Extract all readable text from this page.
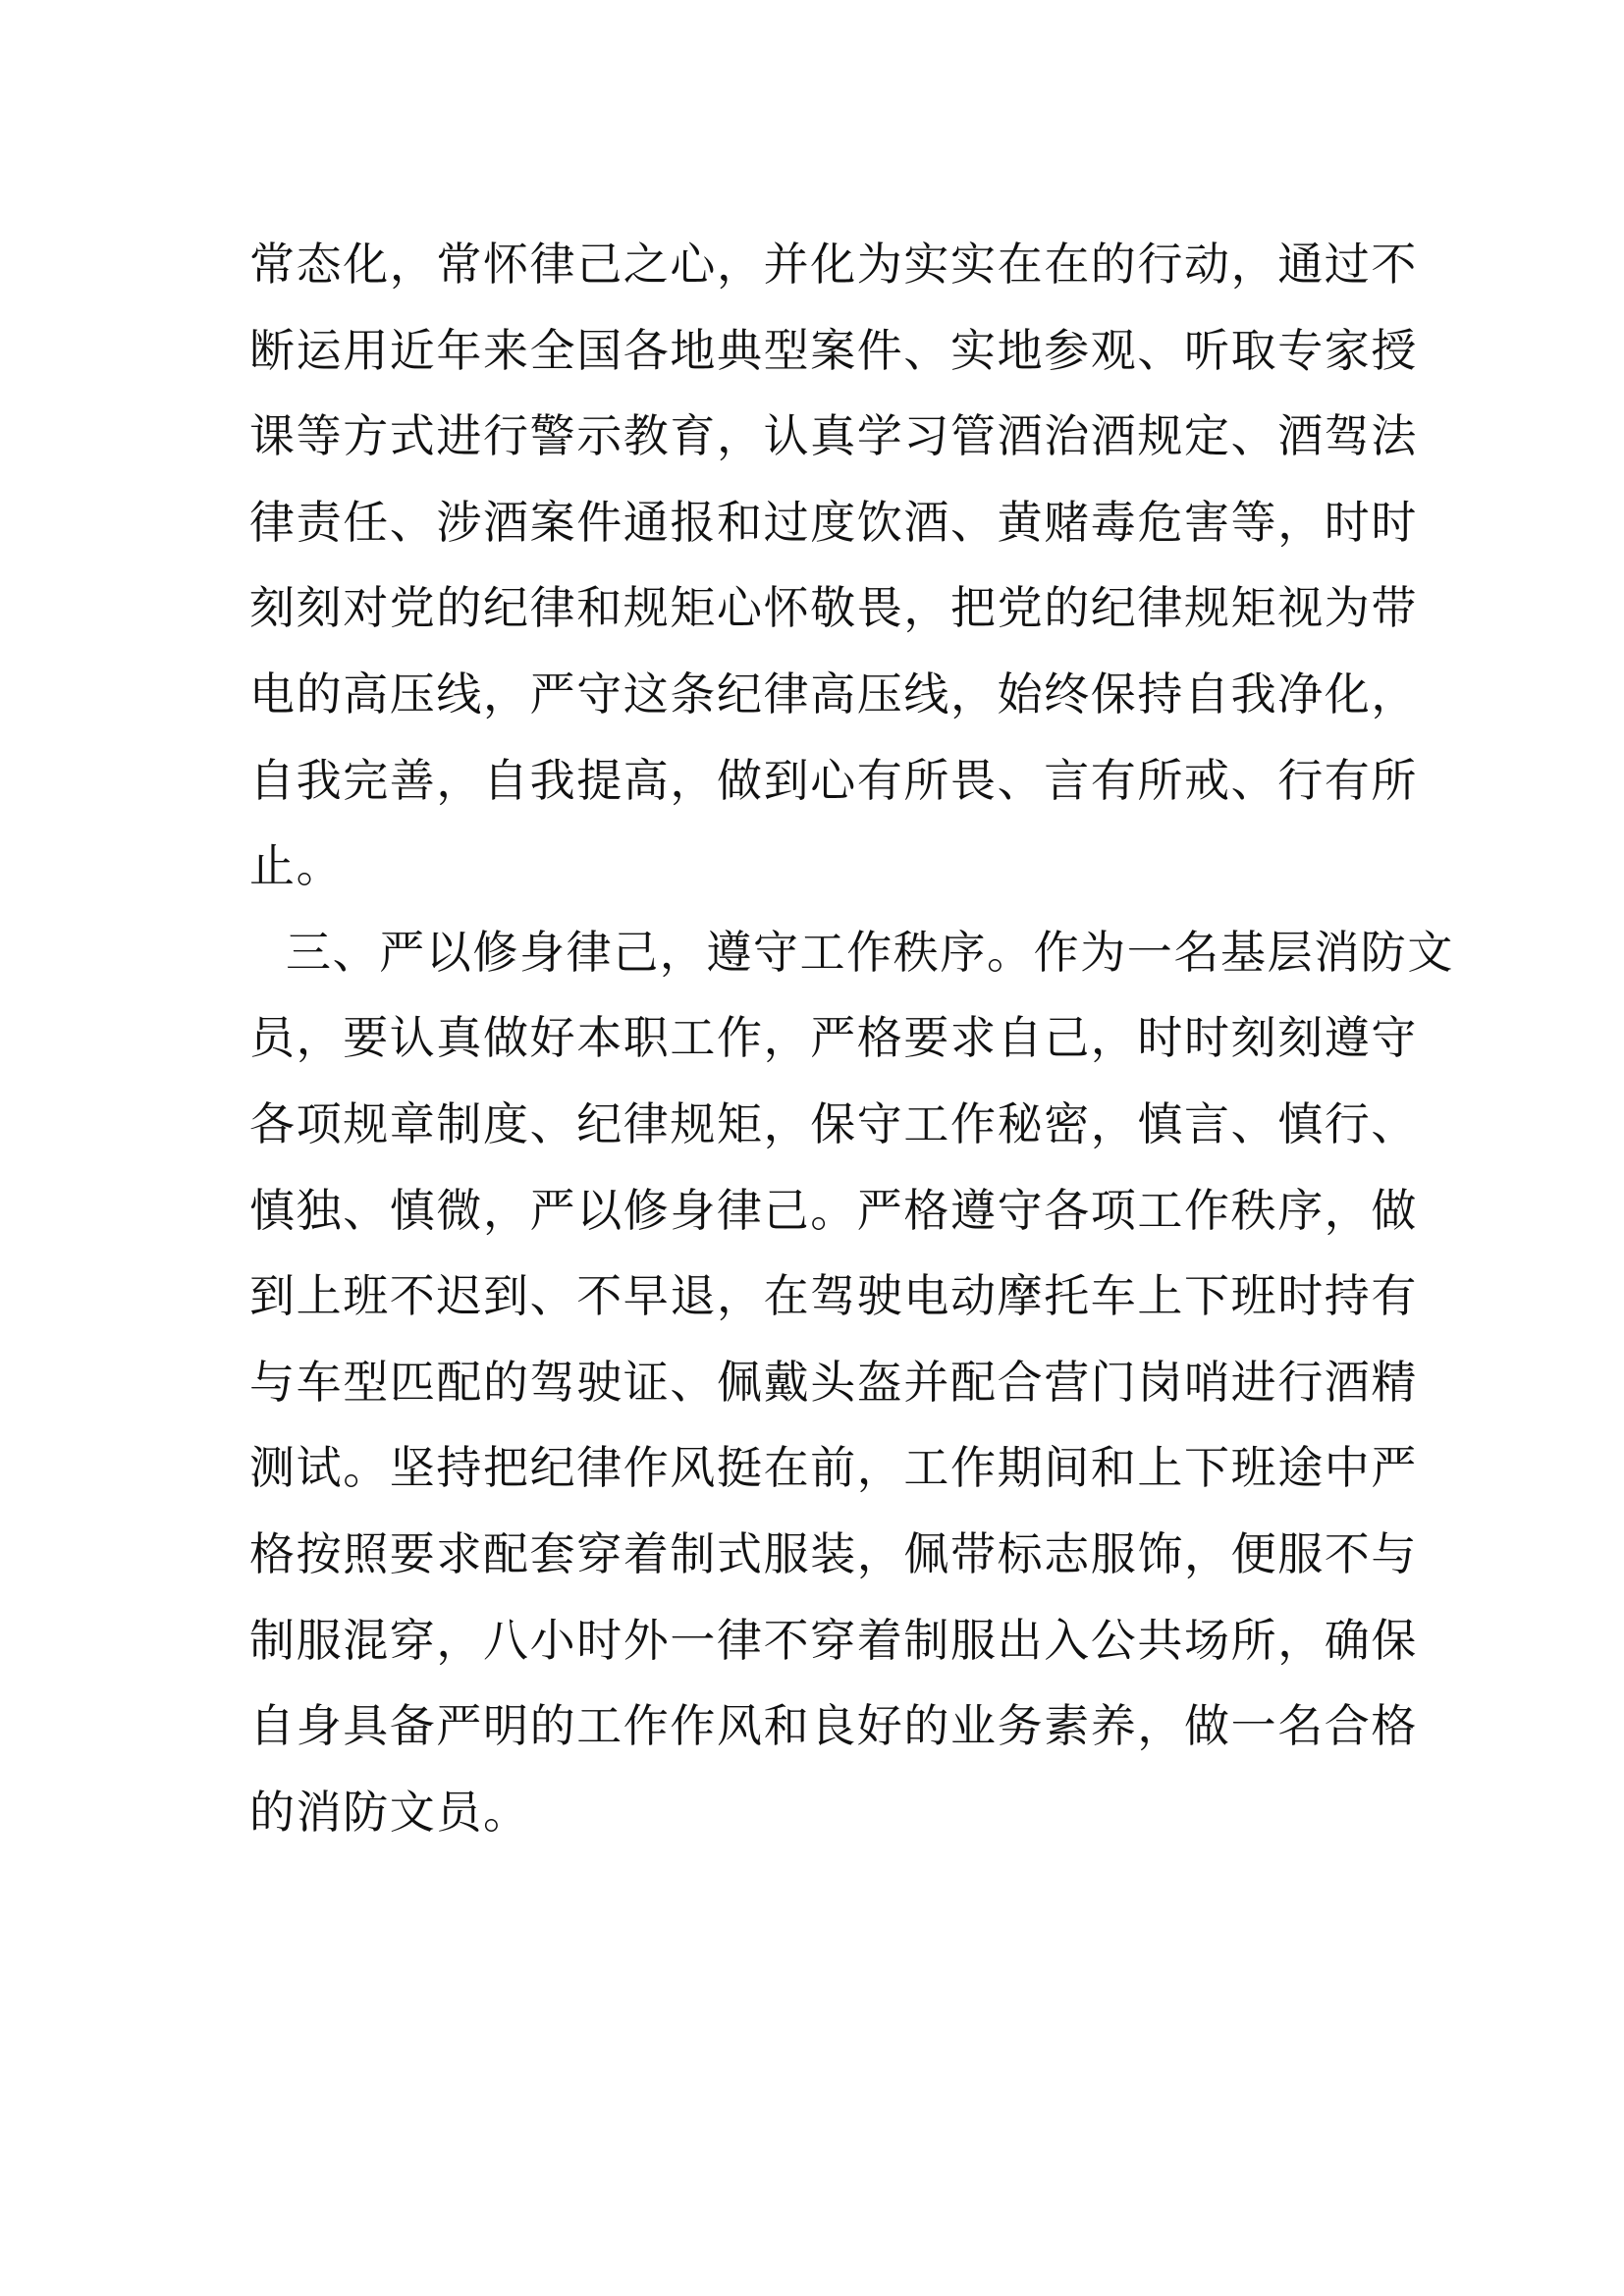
常态化，常怀律己之心，并化为实实在在的行动，通过不
断运用近年来全国各地典型案件、实地参观、听取专家授
课等方式进行警示教育，认真学习管酒治酒规定、酒驾法
律责任、涉酒案件通报和过度饮酒、黄赌毒危害等，时时
刻刻对党的纪律和规矩心怀敬畏，把党的纪律规矩视为带
电的高压线，严守这条纪律高压线，始终保持自我净化，
自我完善，自我提高，做到心有所畏、言有所戒、行有所
止。
三、严以修身律己，遵守工作秩序。作为一名基层消防文
员，要认真做好本职工作，严格要求自己，时时刻刻遵守
各项规章制度、纪律规矩，保守工作秘密，慎言、慎行、
慎独、慎微，严以修身律己。严格遵守各项工作秩序，做
到上班不迟到、不早退，在驾驶电动摩托车上下班时持有
与车型匹配的驾驶证、佩戴头盔并配合营门岗哨进行酒精
测试。坚持把纪律作风挺在前，工作期间和上下班途中严
格按照要求配套穿着制式服装，佩带标志服饰，便服不与
制服混穿，八小时外一律不穿着制服出入公共场所，确保
自身具备严明的工作作风和良好的业务素养，做一名合格
的消防文员。
